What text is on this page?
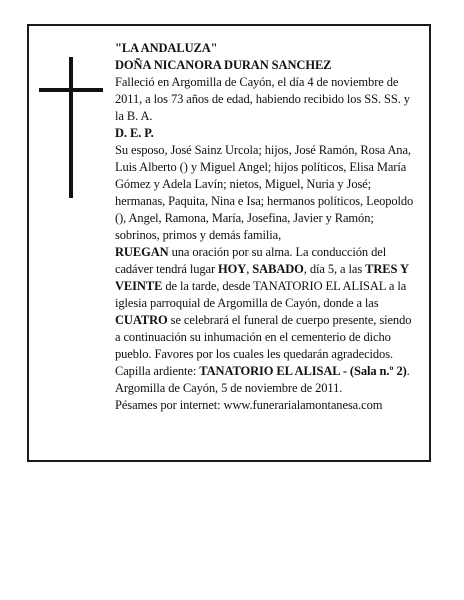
"LA ANDALUZA"

DOÑA NICANORA DURAN SANCHEZ

Falleció en Argomilla de Cayón, el día 4 de noviembre de 2011, a los 73 años de edad, habiendo recibido los SS. SS. y la B. A.

D. E. P.

Su esposo, José Sainz Urcola; hijos, José Ramón, Rosa Ana, Luis Alberto () y Miguel Angel; hijos políticos, Elisa María Gómez y Adela Lavín; nietos, Miguel, Nuria y José; hermanas, Paquita, Nina e Isa; hermanos políticos, Leopoldo (), Angel, Ramona, María, Josefina, Javier y Ramón; sobrinos, primos y demás familia,

RUEGAN una oración por su alma. La conducción del cadáver tendrá lugar HOY, SABADO, día 5, a las TRES Y VEINTE de la tarde, desde TANATORIO EL ALISAL a la iglesia parroquial de Argomilla de Cayón, donde a las CUATRO se celebrará el funeral de cuerpo presente, siendo a continuación su inhumación en el cementerio de dicho pueblo. Favores por los cuales les quedarán agradecidos.

Capilla ardiente: TANATORIO EL ALISAL - (Sala n.º 2).

Argomilla de Cayón, 5 de noviembre de 2011.

Pésames por internet: www.funerarialamontanesa.com
